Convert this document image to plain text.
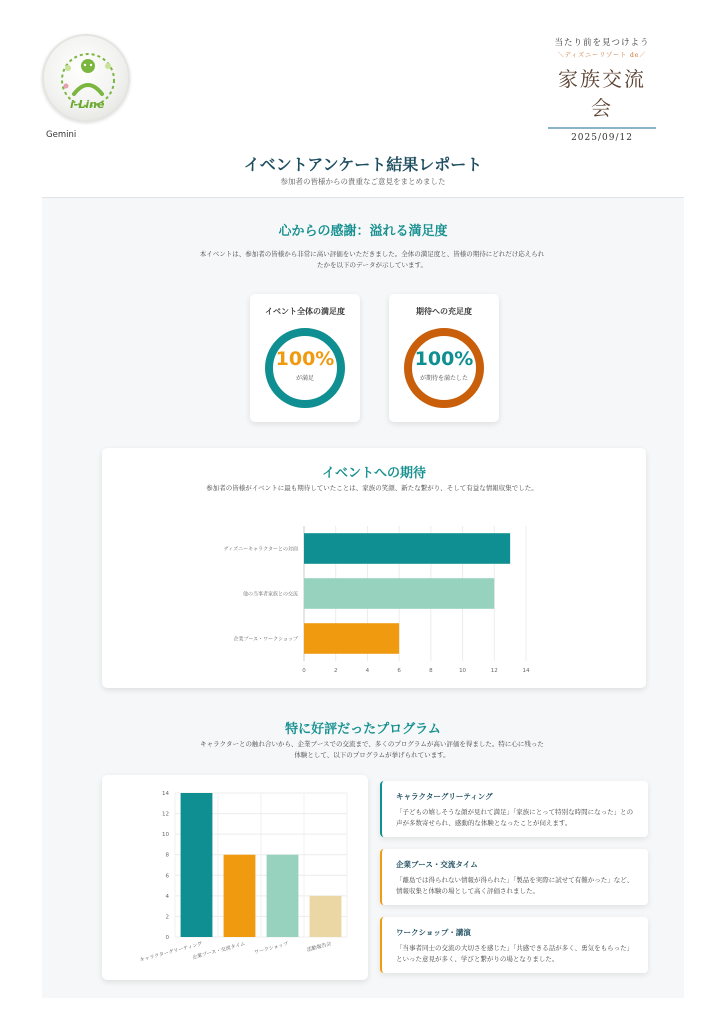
i-Line
Gemini
当たり前を見つけよう
＼ディズニーリゾート de／
家族交流会
2025/09/12
イベントアンケート結果レポート
参加者の皆様からの貴重なご意見をまとめました
心からの感謝：溢れる満足度
本イベントは、参加者の皆様から非常に高い評価をいただきました。全体の満足度と、皆様の期待にどれだけ応えられたかを以下のデータが示しています。
イベント全体の満足度
100%
が満足
期待への充足度
100%
が期待を満たした
イベントへの期待
参加者の皆様がイベントに最も期待していたことは、家族の笑顔、新たな繋がり、そして有益な情報収集でした。
0	2	4	6	8	10	12	14
ディズニーキャラクターとの対面
他の当事者家族との交流
企業ブース・ワークショップ
特に好評だったプログラム
キャラクターとの触れ合いから、企業ブースでの交流まで、多くのプログラムが高い評価を得ました。特に心に残った体験として、以下のプログラムが挙げられています。
0
2
4
6
8
10
12
14
キャラクターグリーティング
企業ブース・交流タイム ワークショップ	活動報告会
キャラクターグリーティング
「子どもの嬉しそうな顔が見れて満足」「家族にとって特別な時間になった」との声が多数寄せられ、感動的な体験となったことが伺えます。
企業ブース・交流タイム
「離島では得られない情報が得られた」「製品を実際に試せて有難かった」など、情報収集と体験の場として高く評価されました。
ワークショップ・講演
「当事者同士の交流の大切さを感じた」「共感できる話が多く、勇気をもらった」といった意見が多く、学びと繋がりの場となりました。
